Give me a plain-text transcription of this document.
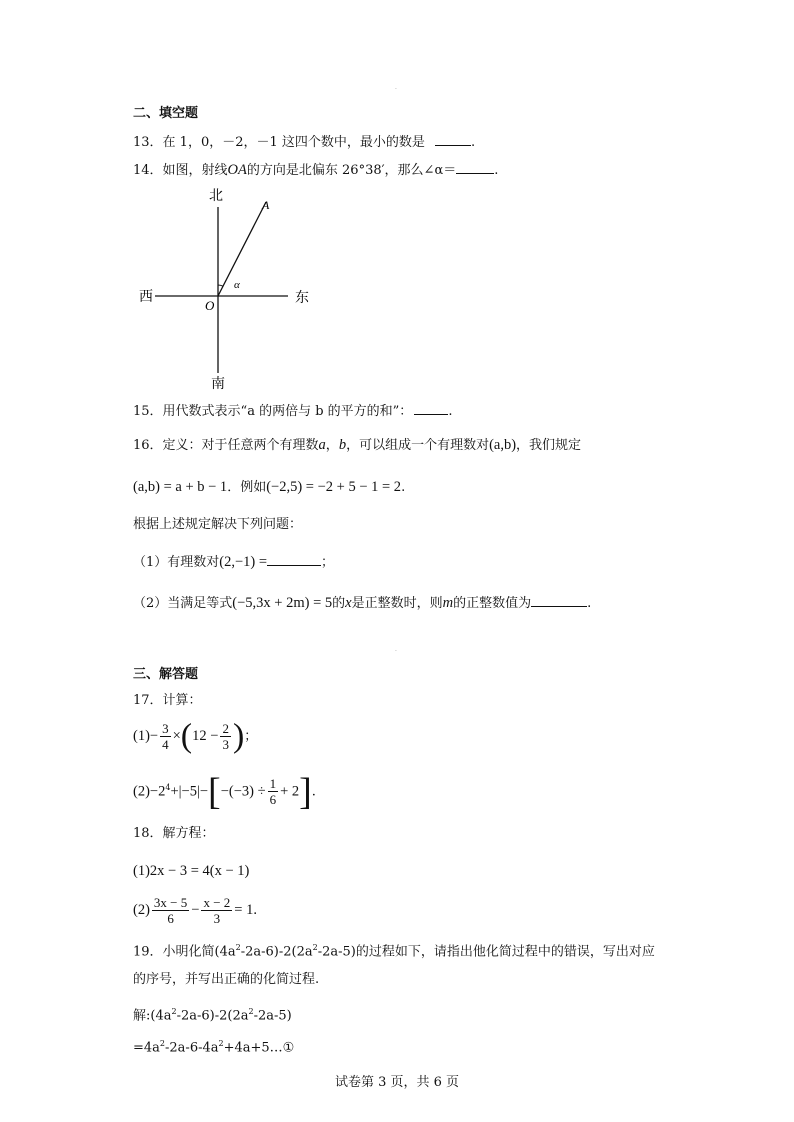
·
·
二、填空题
13．在 1，0，－2，－1 这四个数中，最小的数是	.
14．如图，射线OA的方向是北偏东 26°38′，那么∠α＝	.
北
南
东
西
O
A
α
15．用代数式表示“a 的两倍与 b 的平方的和”：	.
16．定义：对于任意两个有理数a，b，可以组成一个有理数对(a,b)，我们规定
(a,b) = a + b − 1．例如(−2,5) = −2 + 5 − 1 = 2.
根据上述规定解决下列问题：
（1）有理数对(2,−1) =	；
（2）当满足等式(−5,3x + 2m) = 5的x是正整数时，则m的正整数值为	.
三、解答题
17．计算：
$(1)- \frac{3}{4} \times(12 - \frac{2}{3}$ )；
$(2)-2^4+|-5|-[-(-3) \div \frac{1}{6} + 2]$.
18．解方程：
(1)2x − 3 = 4(x − 1)
$(2) \frac{3x - 5}{6} - \frac{x - 2}{3} = 1$.
19．小明化简$(4a^2-2a-6)-2(2a^2-2a-5)$的过程如下，请指出他化简过程中的错误，写出对应
的序号，并写出正确的化简过程.
解$:(4a^2-2a-6)-2(2a^2-2a-5)$
$=4a^2-2a-6-4a^2+4a+5\dots ①$
试卷第 3 页，共 6 页
